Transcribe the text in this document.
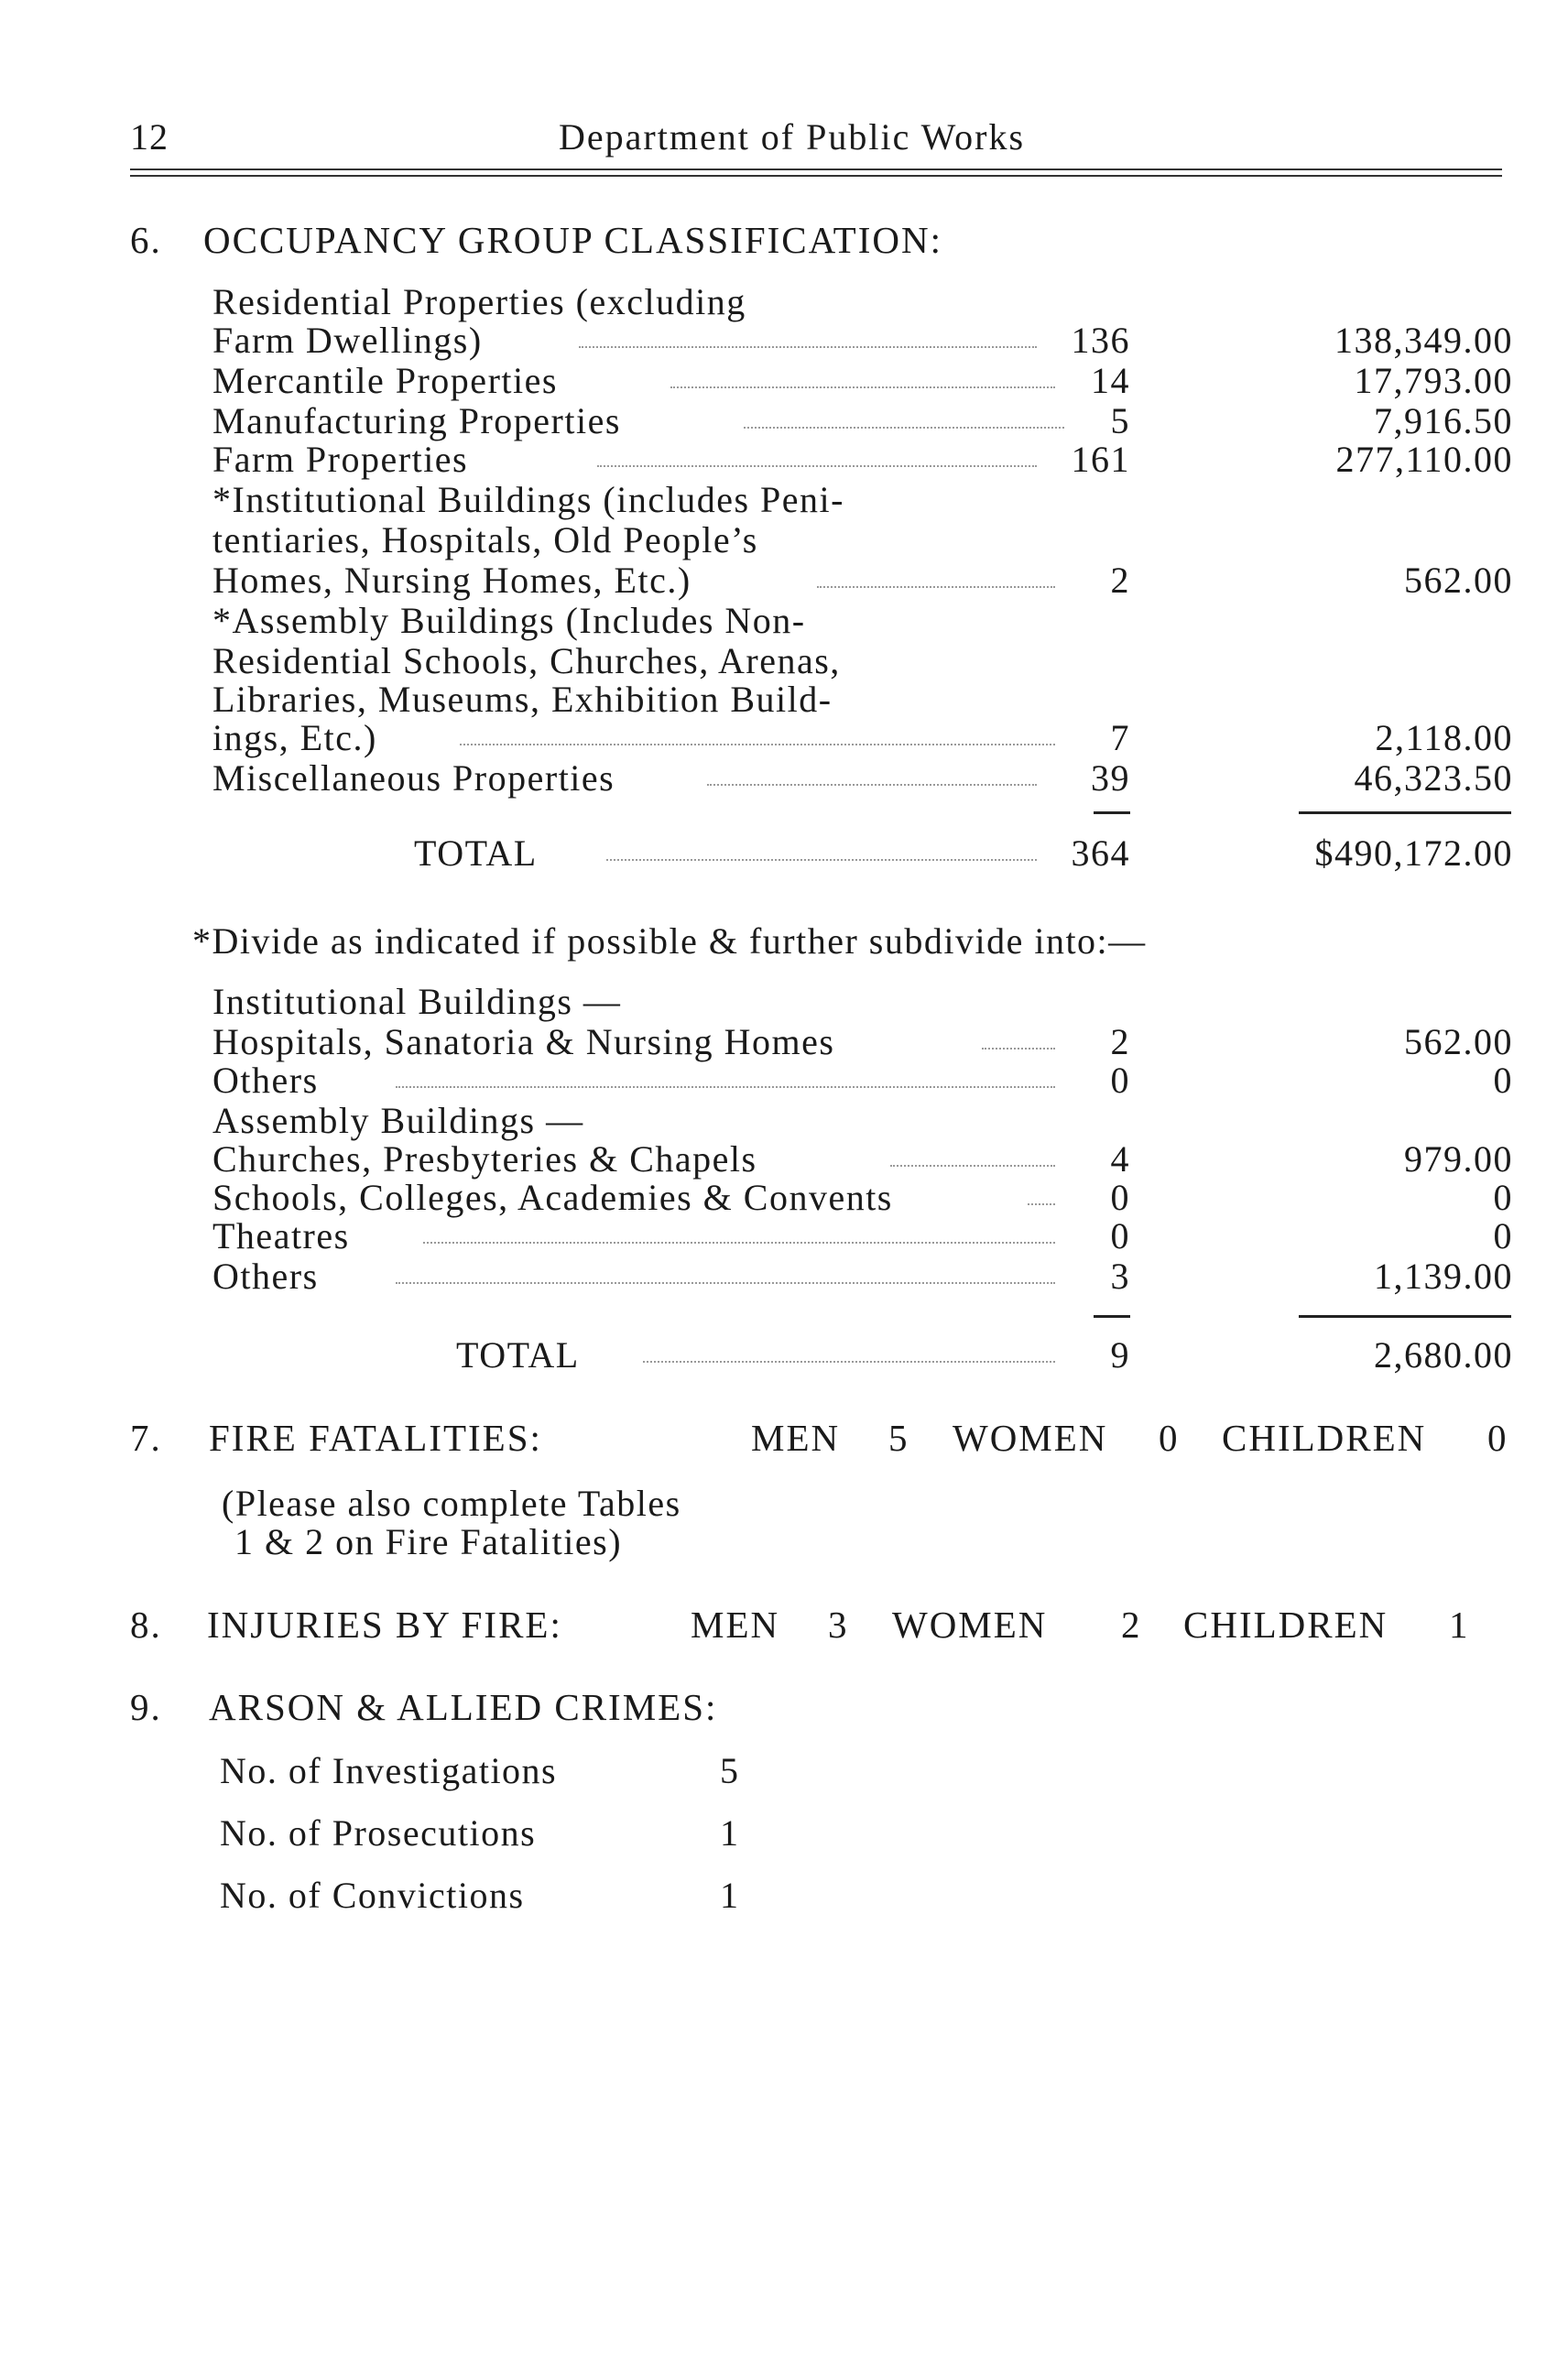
12	Department of Public Works
6. OCCUPANCY GROUP CLASSIFICATION:
Residential Properties (excluding
Farm Dwellings)	136	138,349.00
Mercantile Properties	14	17,793.00
Manufacturing Properties	5	7,916.50
Farm Properties	161	277,110.00
*Institutional Buildings (includes Peni-
tentiaries, Hospitals, Old People’s
Homes, Nursing Homes, Etc.)	2	562.00
*Assembly Buildings (Includes Non-
Residential Schools, Churches, Arenas,
Libraries, Museums, Exhibition Build-
ings, Etc.)	7	2,118.00
Miscellaneous Properties	39	46,323.50
TOTAL	364	$490,172.00
*Divide as indicated if possible & further subdivide into:—
Institutional Buildings —
Hospitals, Sanatoria & Nursing Homes	2	562.00
Others	0	0
Assembly Buildings —
Churches, Presbyteries & Chapels	4	979.00
Schools, Colleges, Academies & Convents	0	0
Theatres	0	0
Others	3	1,139.00
TOTAL	9	2,680.00
7. FIRE FATALITIES:	MEN 5 WOMEN 0 CHILDREN 0
(Please also complete Tables
1 & 2 on Fire Fatalities)
8. INJURIES BY FIRE:	MEN 3 WOMEN 2 CHILDREN 1
9. ARSON & ALLIED CRIMES:
No. of Investigations	5
No. of Prosecutions	1
No. of Convictions	1
